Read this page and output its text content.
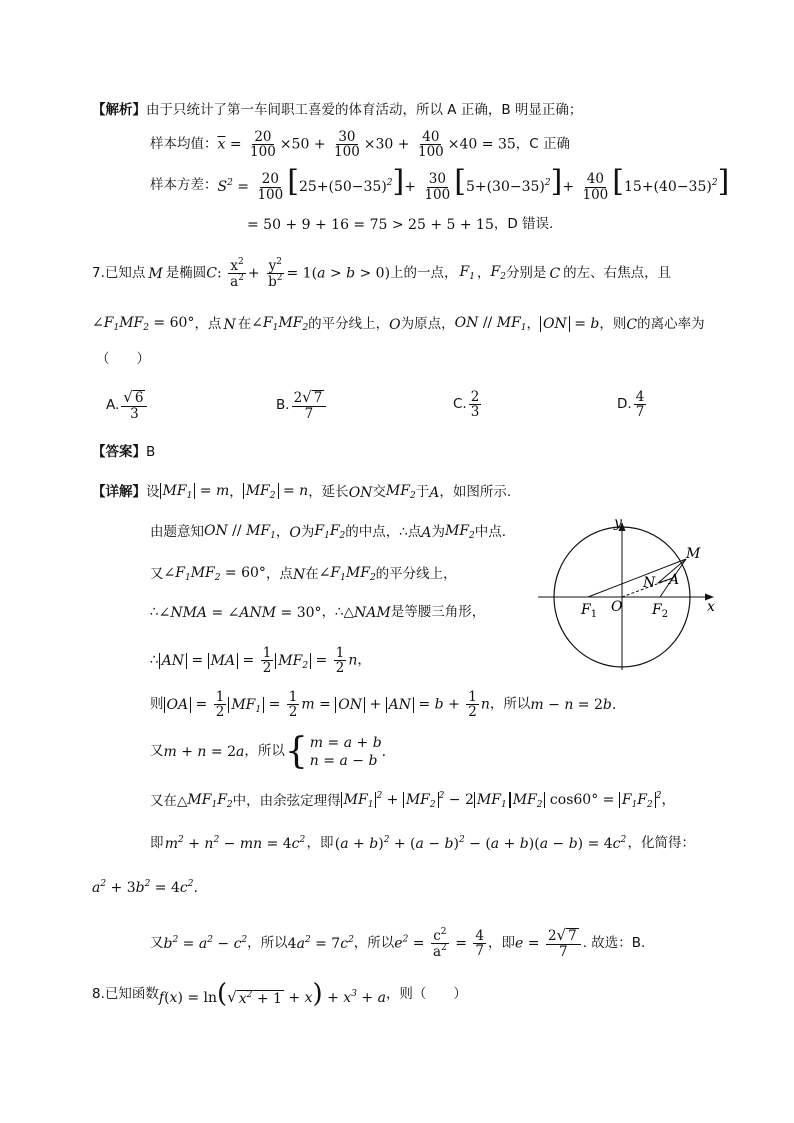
【解析】 由于只统计了第一车间职工喜爱的体育活动，所以 A 正确，B 明显正确；
样本均值： $\overline{x} = \frac{20}{100} \times 50 + \frac{30}{100} \times 30 + \frac{40}{100} \times 40 = 35$ ，C 正确
样本方差： $S^2 = \frac{20}{100} [25+(50-35)^2]+ \frac{30}{100} [5+(30-35)^2]+ \frac{40}{100} [15+(40-35)^2]$
= 50 + 9 + 16 = 75 > 25 + 5 + 15 ，D 错误.
7.已知点 M 是椭圆 C: $\frac{x^2}{a^2} + \frac{y^2}{b^2} = 1(a > b > 0)$ 上的一点， $F_1$ ， $F_2$ 分别是 C 的左、右焦点，且
$\angle F_1MF_2 = 60^\circ$ ，点 N 在 $\angle F_1MF_2$ 的平分线上， O 为原点， ON // $MF_1$ ， ON = b ，则 C 的离心率为
（　　）
A. $\frac{√ 6}{3}$	B. $\frac{2 √ 7}{7}$	C. $\frac{2}{3}$	D. $\frac{4}{7}$
【答案】 B
【详解】 设 $MF_1 = m$ ， $MF_2 = n$ ，延长 ON 交 $MF_2$ 于 A ，如图所示.
由题意知 ON // $MF_1$ ， O 为 $F_1F_2$ 的中点，∴点 A 为 $MF_2$ 中点.
又 $\angle F_1MF_2 = 60^\circ$ ，点 N 在 $\angle F_1MF_2$ 的平分线上，
∴ ∠NMA = ∠ANM = 30° ，∴△ NAM 是等腰三角形，
∴ AN = MA = $\frac{1}{2} MF_2 = \frac{1}{2}$ n ，
则 OA = $\frac{1}{2} MF_1 = \frac{1}{2}$ m = ON + AN = $b + \frac{1}{2}$ n ，所以 m − n = 2b.
又 m + n = 2a ，所以 { m = a + b
n = a − b
.
又在△ $MF_1F_2$ 中，由余弦定理得 $MF_1^2 + MF_2^2 - 2$ $MF_1$ $MF_2$ $\cos 60^\circ = F_1F_2^2$，
即 $m^2 + n^2$ − mn = $4c^2$ ，即 $(a + b)^2 + (a - b)^2 - (a + b)(a - b) = 4c^2$ ，化简得：
$a^2 + 3b^2 = 4c^2$.
又 $b^2 = a^2 - c^2$ ，所以 $4a^2 = 7c^2$ ，所以 $e^2 = \frac{c^2}{a^2} = \frac{4}{7}$ ，即 $e = \frac{2 √ 7}{7}$ . 故选：B.
8.已知函数 f(x) = ln( √ $x^2 + 1 + x) + x^3 + a$ ，则（　　）
y
x
M
N A
O
$F_1$	$F_2$
